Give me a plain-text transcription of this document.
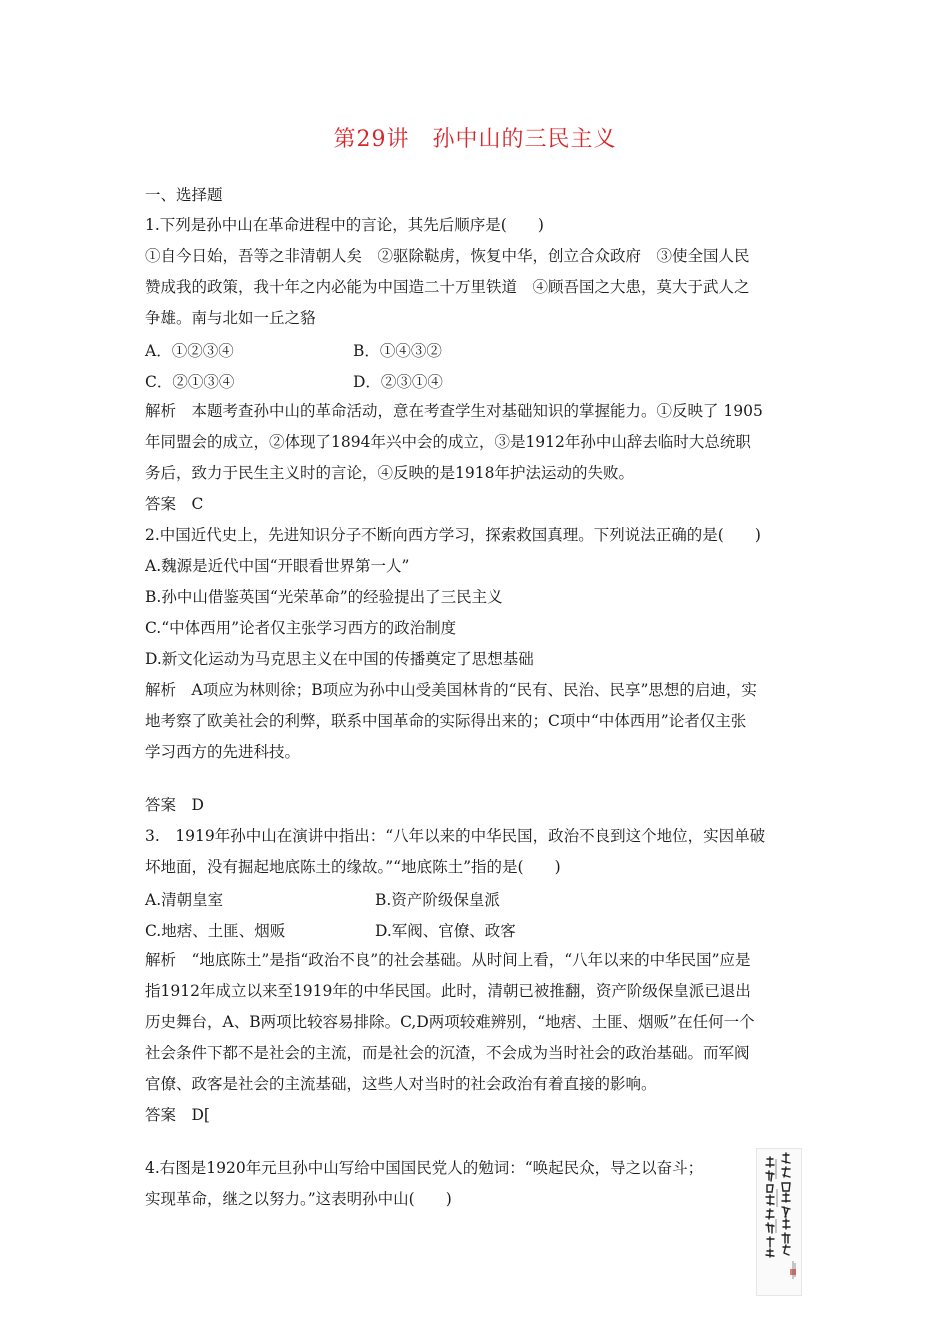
第29讲　孙中山的三民主义
一、选择题
1.下列是孙中山在革命进程中的言论，其先后顺序是(　　)
①自今日始，吾等之非清朝人矣　②驱除鞑虏，恢复中华，创立合众政府　③使全国人民
赞成我的政策，我十年之内必能为中国造二十万里铁道　④顾吾国之大患，莫大于武人之
争雄。南与北如一丘之貉
A．①②③④	B．①④③②
C．②①③④	D．②③①④
解析　本题考查孙中山的革命活动，意在考查学生对基础知识的掌握能力。①反映了 1905
年同盟会的成立，②体现了1894年兴中会的成立，③是1912年孙中山辞去临时大总统职
务后，致力于民生主义时的言论，④反映的是1918年护法运动的失败。
答案　C
2.中国近代史上，先进知识分子不断向西方学习，探索救国真理。下列说法正确的是(　　)
A.魏源是近代中国“开眼看世界第一人”
B.孙中山借鉴英国“光荣革命”的经验提出了三民主义
C.“中体西用”论者仅主张学习西方的政治制度
D.新文化运动为马克思主义在中国的传播奠定了思想基础
解析　A项应为林则徐；B项应为孙中山受美国林肯的“民有、民治、民享”思想的启迪，实
地考察了欧美社会的利弊，联系中国革命的实际得出来的；C项中“中体西用”论者仅主张
学习西方的先进科技。
答案　D
3.　1919年孙中山在演讲中指出：“八年以来的中华民国，政治不良到这个地位，实因单破
坏地面，没有掘起地底陈土的缘故。”“地底陈土”指的是(　　)
A.清朝皇室	B.资产阶级保皇派
C.地痞、土匪、烟贩	D.军阀、官僚、政客
解析　“地底陈土”是指“政治不良”的社会基础。从时间上看，“八年以来的中华民国”应是
指1912年成立以来至1919年的中华民国。此时，清朝已被推翻，资产阶级保皇派已退出
历史舞台，A、B两项比较容易排除。C,D两项较难辨别，“地痞、土匪、烟贩”在任何一个
社会条件下都不是社会的主流，而是社会的沉渣，不会成为当时社会的政治基础。而军阀
官僚、政客是社会的主流基础，这些人对当时的社会政治有着直接的影响。
答案　D[
4.右图是1920年元旦孙中山写给中国国民党人的勉词：“唤起民众，导之以奋斗；
实现革命，继之以努力。”这表明孙中山(　　)
